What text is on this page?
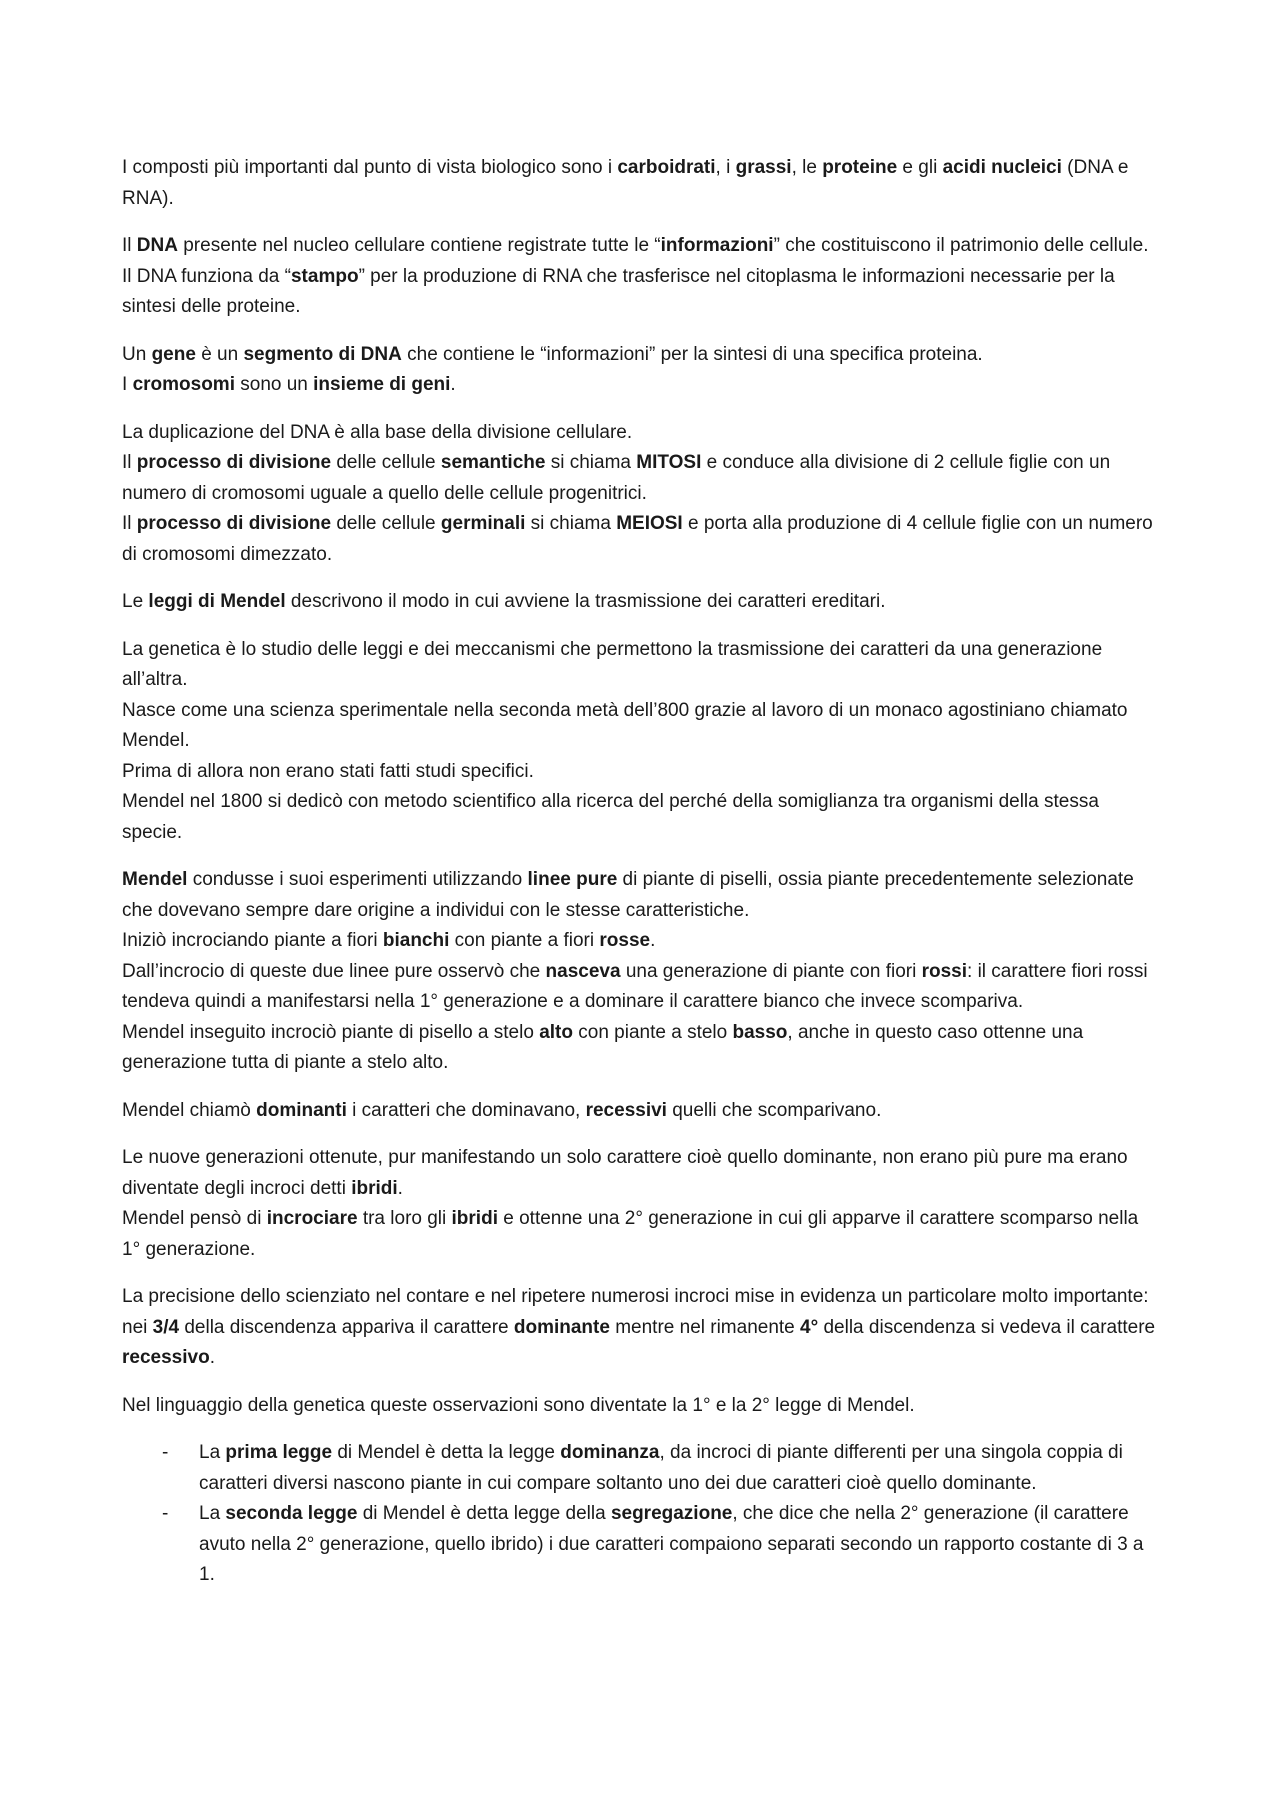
I composti più importanti dal punto di vista biologico sono i carboidrati, i grassi, le proteine e gli acidi nucleici (DNA e RNA).

Il DNA presente nel nucleo cellulare contiene registrate tutte le “informazioni” che costituiscono il patrimonio delle cellule. Il DNA funziona da “stampo” per la produzione di RNA che trasferisce nel citoplasma le informazioni necessarie per la sintesi delle proteine.

Un gene è un segmento di DNA che contiene le “informazioni” per la sintesi di una specifica proteina.
I cromosomi sono un insieme di geni.

La duplicazione del DNA è alla base della divisione cellulare.
Il processo di divisione delle cellule semantiche si chiama MITOSI e conduce alla divisione di 2 cellule figlie con un numero di cromosomi uguale a quello delle cellule progenitrici.
Il processo di divisione delle cellule germinali si chiama MEIOSI e porta alla produzione di 4 cellule figlie con un numero di cromosomi dimezzato.

Le leggi di Mendel descrivono il modo in cui avviene la trasmissione dei caratteri ereditari.

La genetica è lo studio delle leggi e dei meccanismi che permettono la trasmissione dei caratteri da una generazione all’altra.
Nasce come una scienza sperimentale nella seconda metà dell’800 grazie al lavoro di un monaco agostiniano chiamato Mendel.
Prima di allora non erano stati fatti studi specifici.
Mendel nel 1800 si dedicò con metodo scientifico alla ricerca del perché della somiglianza tra organismi della stessa specie.

Mendel condusse i suoi esperimenti utilizzando linee pure di piante di piselli, ossia piante precedentemente selezionate che dovevano sempre dare origine a individui con le stesse caratteristiche.
Iniziò incrociando piante a fiori bianchi con piante a fiori rosse.
Dall’incrocio di queste due linee pure osservò che nasceva una generazione di piante con fiori rossi: il carattere fiori rossi tendeva quindi a manifestarsi nella 1° generazione e a dominare il carattere bianco che invece scompariva.
Mendel inseguito incrociò piante di pisello a stelo alto con piante a stelo basso, anche in questo caso ottenne una generazione tutta di piante a stelo alto.

Mendel chiamò dominanti i caratteri che dominavano, recessivi quelli che scomparivano.

Le nuove generazioni ottenute, pur manifestando un solo carattere cioè quello dominante, non erano più pure ma erano diventate degli incroci detti ibridi.
Mendel pensò di incrociare tra loro gli ibridi e ottenne una 2° generazione in cui gli apparve il carattere scomparso nella 1° generazione.

La precisione dello scienziato nel contare e nel ripetere numerosi incroci mise in evidenza un particolare molto importante: nei 3/4 della discendenza appariva il carattere dominante mentre nel rimanente 4° della discendenza si vedeva il carattere recessivo.

Nel linguaggio della genetica queste osservazioni sono diventate la 1° e la 2° legge di Mendel.

- La prima legge di Mendel è detta la legge dominanza, da incroci di piante differenti per una singola coppia di caratteri diversi nascono piante in cui compare soltanto uno dei due caratteri cioè quello dominante.
- La seconda legge di Mendel è detta legge della segregazione, che dice che nella 2° generazione (il carattere avuto nella 2° generazione, quello ibrido) i due caratteri compaiono separati secondo un rapporto costante di 3 a 1.
